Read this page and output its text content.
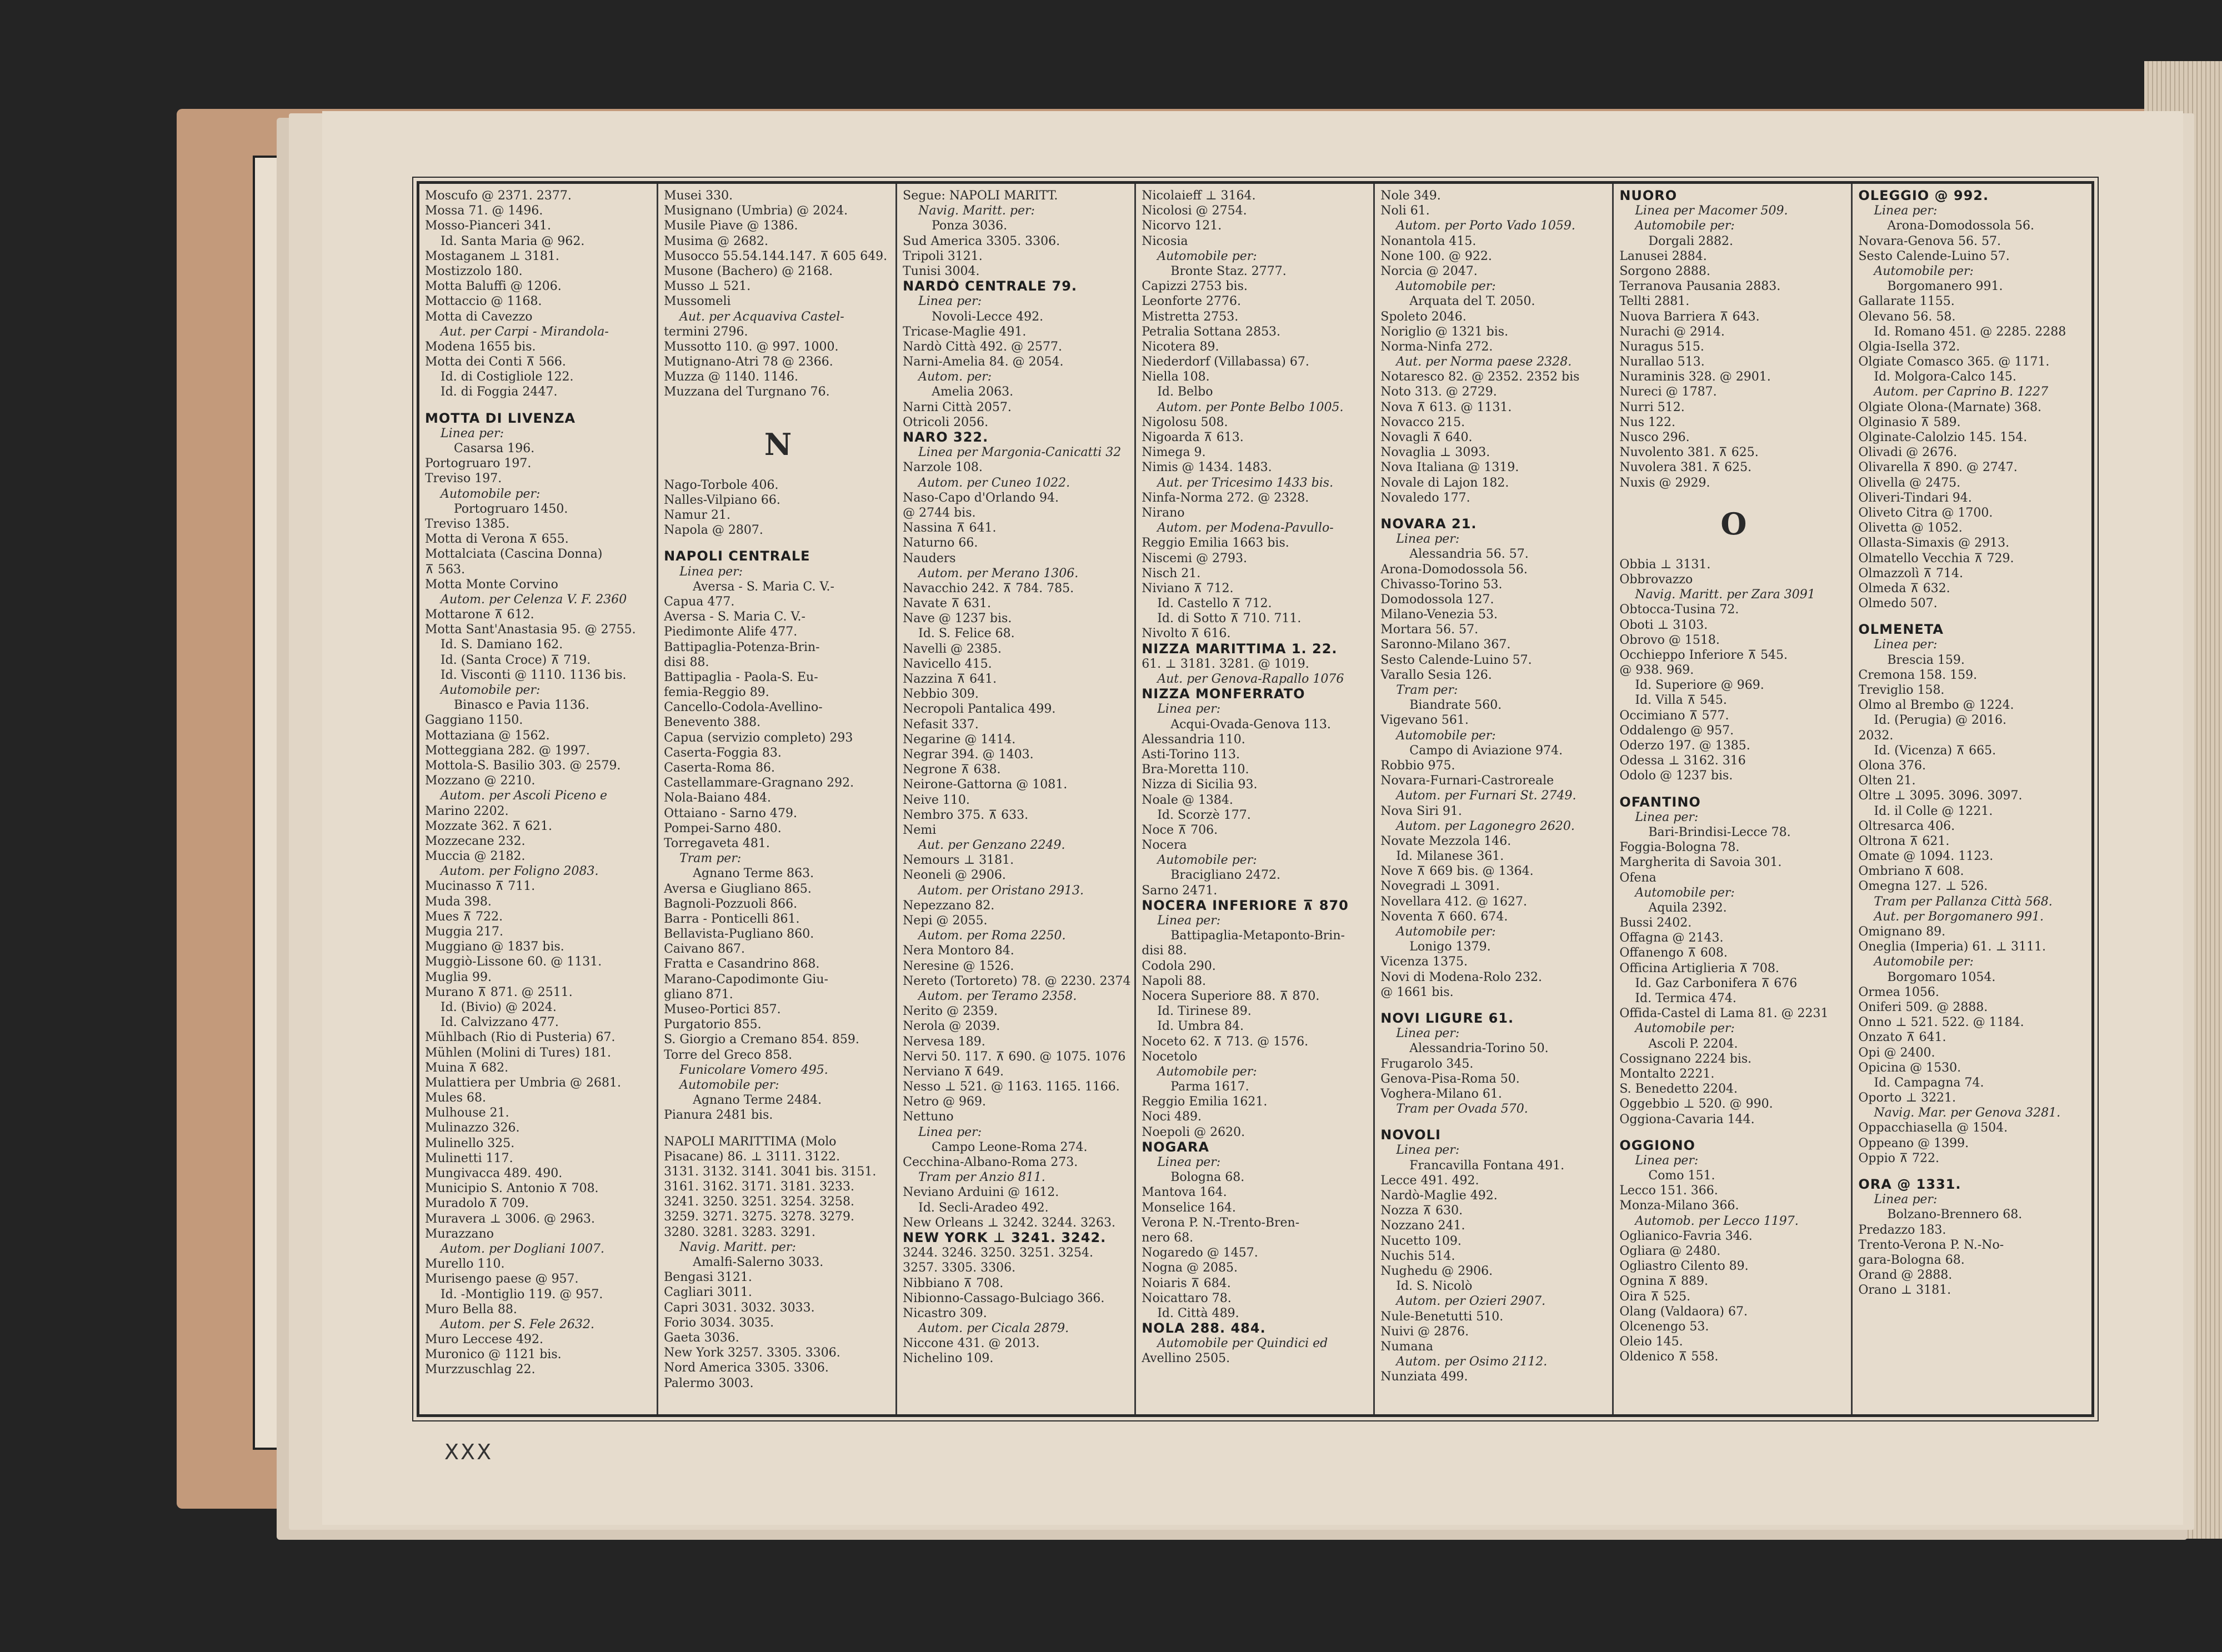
Moscufo @ 2371. 2377.
Mossa 71. @ 1496.
Mosso-Pianceri 341.
Id. Santa Maria @ 962.
Mostaganem ⊥ 3181.
Mostizzolo 180.
Motta Baluffi @ 1206.
Mottaccio @ 1168.
Motta di Cavezzo
Aut. per Carpi - Mirandola-
Modena 1655 bis.
Motta dei Conti ⊼ 566.
Id. di Costigliole 122.
Id. di Foggia 2447.
MOTTA DI LIVENZA
Linea per:
Casarsa 196.
Portogruaro 197.
Treviso 197.
Automobile per:
Portogruaro 1450.
Treviso 1385.
Motta di Verona ⊼ 655.
Mottalciata (Cascina Donna)
⊼ 563.
Motta Monte Corvino
Autom. per Celenza V. F. 2360
Mottarone ⊼ 612.
Motta Sant'Anastasia 95. @ 2755.
Id. S. Damiano 162.
Id. (Santa Croce) ⊼ 719.
Id. Visconti @ 1110. 1136 bis.
Automobile per:
Binasco e Pavia 1136.
Gaggiano 1150.
Mottaziana @ 1562.
Motteggiana 282. @ 1997.
Mottola-S. Basilio 303. @ 2579.
Mozzano @ 2210.
Autom. per Ascoli Piceno e
Marino 2202.
Mozzate 362. ⊼ 621.
Mozzecane 232.
Muccia @ 2182.
Autom. per Foligno 2083.
Mucinasso ⊼ 711.
Muda 398.
Mues ⊼ 722.
Muggia 217.
Muggiano @ 1837 bis.
Muggiò-Lissone 60. @ 1131.
Muglia 99.
Murano ⊼ 871. @ 2511.
Id. (Bivio) @ 2024.
Id. Calvizzano 477.
Mühlbach (Rio di Pusteria) 67.
Mühlen (Molini di Tures) 181.
Muina ⊼ 682.
Mulattiera per Umbria @ 2681.
Mules 68.
Mulhouse 21.
Mulinazzo 326.
Mulinello 325.
Mulinetti 117.
Mungivacca 489. 490.
Municipio S. Antonio ⊼ 708.
Muradolo ⊼ 709.
Muravera ⊥ 3006. @ 2963.
Murazzano
Autom. per Dogliani 1007.
Murello 110.
Murisengo paese @ 957.
Id. -Montiglio 119. @ 957.
Muro Bella 88.
Autom. per S. Fele 2632.
Muro Leccese 492.
Muronico @ 1121 bis.
Murzzuschlag 22.
Musei 330.
Musignano (Umbria) @ 2024.
Musile Piave @ 1386.
Musima @ 2682.
Musocco 55.54.144.147. ⊼ 605 649.
Musone (Bachero) @ 2168.
Musso ⊥ 521.
Mussomeli
Aut. per Acquaviva Castel-
termini 2796.
Mussotto 110. @ 997. 1000.
Mutignano-Atri 78 @ 2366.
Muzza @ 1140. 1146.
Muzzana del Turgnano 76.
N
Nago-Torbole 406.
Nalles-Vilpiano 66.
Namur 21.
Napola @ 2807.
NAPOLI CENTRALE
Linea per:
Aversa - S. Maria C. V.-
Capua 477.
Aversa - S. Maria C. V.-
Piedimonte Alife 477.
Battipaglia-Potenza-Brin-
disi 88.
Battipaglia - Paola-S. Eu-
femia-Reggio 89.
Cancello-Codola-Avellino-
Benevento 388.
Capua (servizio completo) 293
Caserta-Foggia 83.
Caserta-Roma 86.
Castellammare-Gragnano 292.
Nola-Baiano 484.
Ottaiano - Sarno 479.
Pompei-Sarno 480.
Torregaveta 481.
Tram per:
Agnano Terme 863.
Aversa e Giugliano 865.
Bagnoli-Pozzuoli 866.
Barra - Ponticelli 861.
Bellavista-Pugliano 860.
Caivano 867.
Fratta e Casandrino 868.
Marano-Capodimonte Giu-
gliano 871.
Museo-Portici 857.
Purgatorio 855.
S. Giorgio a Cremano 854. 859.
Torre del Greco 858.
Funicolare Vomero 495.
Automobile per:
Agnano Terme 2484.
Pianura 2481 bis.
NAPOLI MARITTIMA (Molo
Pisacane) 86. ⊥ 3111. 3122.
3131. 3132. 3141. 3041 bis. 3151.
3161. 3162. 3171. 3181. 3233.
3241. 3250. 3251. 3254. 3258.
3259. 3271. 3275. 3278. 3279.
3280. 3281. 3283. 3291.
Navig. Maritt. per:
Amalfi-Salerno 3033.
Bengasi 3121.
Cagliari 3011.
Capri 3031. 3032. 3033.
Forio 3034. 3035.
Gaeta 3036.
New York 3257. 3305. 3306.
Nord America 3305. 3306.
Palermo 3003.
Segue: NAPOLI MARITT.
Navig. Maritt. per:
Ponza 3036.
Sud America 3305. 3306.
Tripoli 3121.
Tunisi 3004.
NARDÒ CENTRALE 79.
Linea per:
Novoli-Lecce 492.
Tricase-Maglie 491.
Nardò Città 492. @ 2577.
Narni-Amelia 84. @ 2054.
Autom. per:
Amelia 2063.
Narni Città 2057.
Otricoli 2056.
NARO 322.
Linea per Margonia-Canicatti 32
Narzole 108.
Autom. per Cuneo 1022.
Naso-Capo d'Orlando 94.
@ 2744 bis.
Nassina ⊼ 641.
Naturno 66.
Nauders
Autom. per Merano 1306.
Navacchio 242. ⊼ 784. 785.
Navate ⊼ 631.
Nave @ 1237 bis.
Id. S. Felice 68.
Navelli @ 2385.
Navicello 415.
Nazzina ⊼ 641.
Nebbio 309.
Necropoli Pantalica 499.
Nefasit 337.
Negarine @ 1414.
Negrar 394. @ 1403.
Negrone ⊼ 638.
Neirone-Gattorna @ 1081.
Neive 110.
Nembro 375. ⊼ 633.
Nemi
Aut. per Genzano 2249.
Nemours ⊥ 3181.
Neoneli @ 2906.
Autom. per Oristano 2913.
Nepezzano 82.
Nepi @ 2055.
Autom. per Roma 2250.
Nera Montoro 84.
Neresine @ 1526.
Nereto (Tortoreto) 78. @ 2230. 2374
Autom. per Teramo 2358.
Nerito @ 2359.
Nerola @ 2039.
Nervesa 189.
Nervi 50. 117. ⊼ 690. @ 1075. 1076
Nerviano ⊼ 649.
Nesso ⊥ 521. @ 1163. 1165. 1166.
Netro @ 969.
Nettuno
Linea per:
Campo Leone-Roma 274.
Cecchina-Albano-Roma 273.
Tram per Anzio 811.
Neviano Arduini @ 1612.
Id. Secli-Aradeo 492.
New Orleans ⊥ 3242. 3244. 3263.
NEW YORK ⊥ 3241. 3242.
3244. 3246. 3250. 3251. 3254.
3257. 3305. 3306.
Nibbiano ⊼ 708.
Nibionno-Cassago-Bulciago 366.
Nicastro 309.
Autom. per Cicala 2879.
Niccone 431. @ 2013.
Nichelino 109.
Nicolaieff ⊥ 3164.
Nicolosi @ 2754.
Nicorvo 121.
Nicosia
Automobile per:
Bronte Staz. 2777.
Capizzi 2753 bis.
Leonforte 2776.
Mistretta 2753.
Petralia Sottana 2853.
Nicotera 89.
Niederdorf (Villabassa) 67.
Niella 108.
Id. Belbo
Autom. per Ponte Belbo 1005.
Nigolosu 508.
Nigoarda ⊼ 613.
Nimega 9.
Nimis @ 1434. 1483.
Aut. per Tricesimo 1433 bis.
Ninfa-Norma 272. @ 2328.
Nirano
Autom. per Modena-Pavullo-
Reggio Emilia 1663 bis.
Niscemi @ 2793.
Nisch 21.
Niviano ⊼ 712.
Id. Castello ⊼ 712.
Id. di Sotto ⊼ 710. 711.
Nivolto ⊼ 616.
NIZZA MARITTIMA 1. 22.
61. ⊥ 3181. 3281. @ 1019.
Aut. per Genova-Rapallo 1076
NIZZA MONFERRATO
Linea per:
Acqui-Ovada-Genova 113.
Alessandria 110.
Asti-Torino 113.
Bra-Moretta 110.
Nizza di Sicilia 93.
Noale @ 1384.
Id. Scorzè 177.
Noce ⊼ 706.
Nocera
Automobile per:
Bracigliano 2472.
Sarno 2471.
NOCERA INFERIORE ⊼ 870
Linea per:
Battipaglia-Metaponto-Brin-
disi 88.
Codola 290.
Napoli 88.
Nocera Superiore 88. ⊼ 870.
Id. Tirinese 89.
Id. Umbra 84.
Noceto 62. ⊼ 713. @ 1576.
Nocetolo
Automobile per:
Parma 1617.
Reggio Emilia 1621.
Noci 489.
Noepoli @ 2620.
NOGARA
Linea per:
Bologna 68.
Mantova 164.
Monselice 164.
Verona P. N.-Trento-Bren-
nero 68.
Nogaredo @ 1457.
Nogna @ 2085.
Noiaris ⊼ 684.
Noicattaro 78.
Id. Città 489.
NOLA 288. 484.
Automobile per Quindici ed
Avellino 2505.
Nole 349.
Noli 61.
Autom. per Porto Vado 1059.
Nonantola 415.
None 100. @ 922.
Norcia @ 2047.
Automobile per:
Arquata del T. 2050.
Spoleto 2046.
Noriglio @ 1321 bis.
Norma-Ninfa 272.
Aut. per Norma paese 2328.
Notaresco 82. @ 2352. 2352 bis
Noto 313. @ 2729.
Nova ⊼ 613. @ 1131.
Novacco 215.
Novagli ⊼ 640.
Novaglia ⊥ 3093.
Nova Italiana @ 1319.
Novale di Lajon 182.
Novaledo 177.
NOVARA 21.
Linea per:
Alessandria 56. 57.
Arona-Domodossola 56.
Chivasso-Torino 53.
Domodossola 127.
Milano-Venezia 53.
Mortara 56. 57.
Saronno-Milano 367.
Sesto Calende-Luino 57.
Varallo Sesia 126.
Tram per:
Biandrate 560.
Vigevano 561.
Automobile per:
Campo di Aviazione 974.
Robbio 975.
Novara-Furnari-Castroreale
Autom. per Furnari St. 2749.
Nova Siri 91.
Autom. per Lagonegro 2620.
Novate Mezzola 146.
Id. Milanese 361.
Nove ⊼ 669 bis. @ 1364.
Novegradi ⊥ 3091.
Novellara 412. @ 1627.
Noventa ⊼ 660. 674.
Automobile per:
Lonigo 1379.
Vicenza 1375.
Novi di Modena-Rolo 232.
@ 1661 bis.
NOVI LIGURE 61.
Linea per:
Alessandria-Torino 50.
Frugarolo 345.
Genova-Pisa-Roma 50.
Voghera-Milano 61.
Tram per Ovada 570.
NOVOLI
Linea per:
Francavilla Fontana 491.
Lecce 491. 492.
Nardò-Maglie 492.
Nozza ⊼ 630.
Nozzano 241.
Nucetto 109.
Nuchis 514.
Nughedu @ 2906.
Id. S. Nicolò
Autom. per Ozieri 2907.
Nule-Benetutti 510.
Nuivi @ 2876.
Numana
Autom. per Osimo 2112.
Nunziata 499.
NUORO
Linea per Macomer 509.
Automobile per:
Dorgali 2882.
Lanusei 2884.
Sorgono 2888.
Terranova Pausania 2883.
Tellti 2881.
Nuova Barriera ⊼ 643.
Nurachi @ 2914.
Nuragus 515.
Nurallao 513.
Nuraminis 328. @ 2901.
Nureci @ 1787.
Nurri 512.
Nus 122.
Nusco 296.
Nuvolento 381. ⊼ 625.
Nuvolera 381. ⊼ 625.
Nuxis @ 2929.
O
Obbia ⊥ 3131.
Obbrovazzo
Navig. Maritt. per Zara 3091
Obtocca-Tusina 72.
Oboti ⊥ 3103.
Obrovo @ 1518.
Occhieppo Inferiore ⊼ 545.
@ 938. 969.
Id. Superiore @ 969.
Id. Villa ⊼ 545.
Occimiano ⊼ 577.
Oddalengo @ 957.
Oderzo 197. @ 1385.
Odessa ⊥ 3162. 316
Odolo @ 1237 bis.
OFANTINO
Linea per:
Bari-Brindisi-Lecce 78.
Foggia-Bologna 78.
Margherita di Savoia 301.
Ofena
Automobile per:
Aquila 2392.
Bussi 2402.
Offagna @ 2143.
Offanengo ⊼ 608.
Officina Artiglieria ⊼ 708.
Id. Gaz Carbonifera ⊼ 676
Id. Termica 474.
Offida-Castel di Lama 81. @ 2231
Automobile per:
Ascoli P. 2204.
Cossignano 2224 bis.
Montalto 2221.
S. Benedetto 2204.
Oggebbio ⊥ 520. @ 990.
Oggiona-Cavaria 144.
OGGIONO
Linea per:
Como 151.
Lecco 151. 366.
Monza-Milano 366.
Automob. per Lecco 1197.
Oglianico-Favria 346.
Ogliara @ 2480.
Ogliastro Cilento 89.
Ognina ⊼ 889.
Oira ⊼ 525.
Olang (Valdaora) 67.
Olcenengo 53.
Oleio 145.
Oldenico ⊼ 558.
OLEGGIO @ 992.
Linea per:
Arona-Domodossola 56.
Novara-Genova 56. 57.
Sesto Calende-Luino 57.
Automobile per:
Borgomanero 991.
Gallarate 1155.
Olevano 56. 58.
Id. Romano 451. @ 2285. 2288
Olgia-Isella 372.
Olgiate Comasco 365. @ 1171.
Id. Molgora-Calco 145.
Autom. per Caprino B. 1227
Olgiate Olona-(Marnate) 368.
Olginasio ⊼ 589.
Olginate-Calolzio 145. 154.
Olivadi @ 2676.
Olivarella ⊼ 890. @ 2747.
Olivella @ 2475.
Oliveri-Tindari 94.
Oliveto Citra @ 1700.
Olivetta @ 1052.
Ollasta-Simaxis @ 2913.
Olmatello Vecchia ⊼ 729.
Olmazzolì ⊼ 714.
Olmeda ⊼ 632.
Olmedo 507.
OLMENETA
Linea per:
Brescia 159.
Cremona 158. 159.
Treviglio 158.
Olmo al Brembo @ 1224.
Id. (Perugia) @ 2016.
2032.
Id. (Vicenza) ⊼ 665.
Olona 376.
Olten 21.
Oltre ⊥ 3095. 3096. 3097.
Id. il Colle @ 1221.
Oltresarca 406.
Oltrona ⊼ 621.
Omate @ 1094. 1123.
Ombriano ⊼ 608.
Omegna 127. ⊥ 526.
Tram per Pallanza Città 568.
Aut. per Borgomanero 991.
Omignano 89.
Oneglia (Imperia) 61. ⊥ 3111.
Automobile per:
Borgomaro 1054.
Ormea 1056.
Oniferi 509. @ 2888.
Onno ⊥ 521. 522. @ 1184.
Onzato ⊼ 641.
Opi @ 2400.
Opicina @ 1530.
Id. Campagna 74.
Oporto ⊥ 3221.
Navig. Mar. per Genova 3281.
Oppacchiasella @ 1504.
Oppeano @ 1399.
Oppio ⊼ 722.
ORA @ 1331.
Linea per:
Bolzano-Brennero 68.
Predazzo 183.
Trento-Verona P. N.-No-
gara-Bologna 68.
Orand @ 2888.
Orano ⊥ 3181.
XXX
